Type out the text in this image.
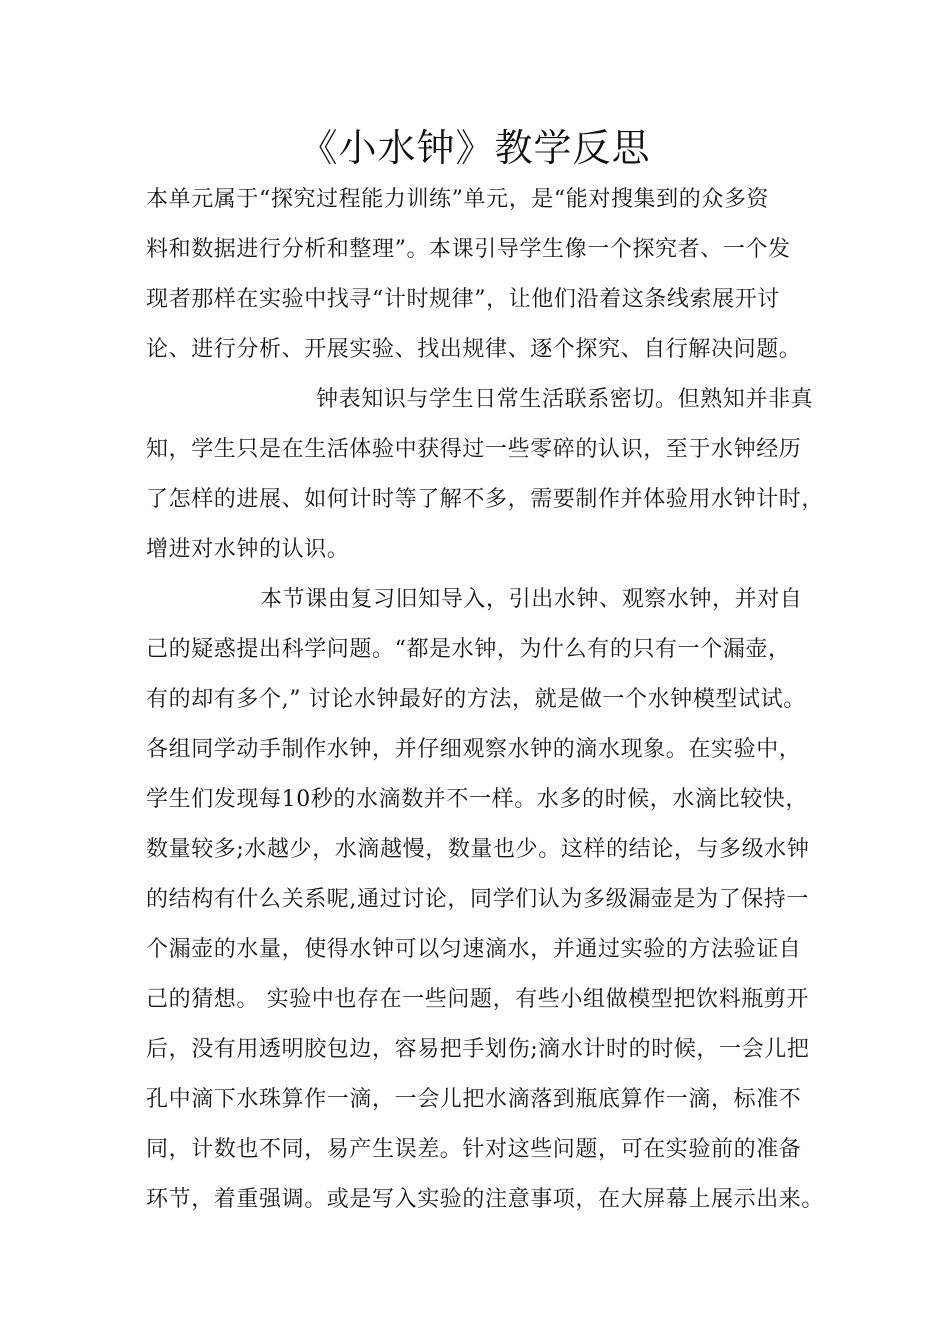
《小水钟》教学反思
本单元属于“探究过程能力训练”单元，是“能对搜集到的众多资
料和数据进行分析和整理”。本课引导学生像一个探究者、一个发
现者那样在实验中找寻“计时规律”，让他们沿着这条线索展开讨
论、进行分析、开展实验、找出规律、逐个探究、自行解决问题。
钟表知识与学生日常生活联系密切。但熟知并非真
知，学生只是在生活体验中获得过一些零碎的认识，至于水钟经历
了怎样的进展、如何计时等了解不多，需要制作并体验用水钟计时，
增进对水钟的认识。
本节课由复习旧知导入，引出水钟、观察水钟，并对自
己的疑惑提出科学问题。“都是水钟，为什么有的只有一个漏壶，
有的却有多个,” 讨论水钟最好的方法，就是做一个水钟模型试试。
各组同学动手制作水钟，并仔细观察水钟的滴水现象。在实验中，
学生们发现每10秒的水滴数并不一样。水多的时候，水滴比较快，
数量较多;水越少，水滴越慢，数量也少。这样的结论，与多级水钟
的结构有什么关系呢,通过讨论，同学们认为多级漏壶是为了保持一
个漏壶的水量，使得水钟可以匀速滴水，并通过实验的方法验证自
己的猜想。 实验中也存在一些问题，有些小组做模型把饮料瓶剪开
后，没有用透明胶包边，容易把手划伤;滴水计时的时候，一会儿把
孔中滴下水珠算作一滴，一会儿把水滴落到瓶底算作一滴，标准不
同，计数也不同，易产生误差。针对这些问题，可在实验前的准备
环节，着重强调。或是写入实验的注意事项，在大屏幕上展示出来。
